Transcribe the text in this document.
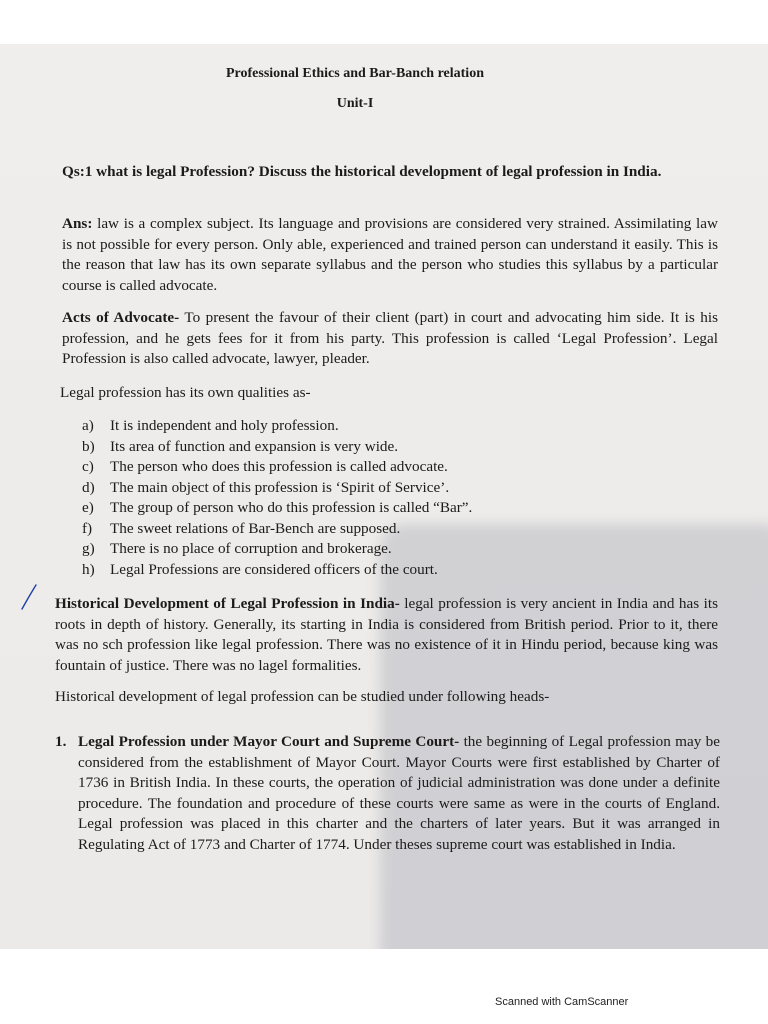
Professional Ethics and Bar-Banch relation
Unit-I

Qs:1 what is legal Profession? Discuss the historical development of legal profession in India.

Ans: law is a complex subject. Its language and provisions are considered very strained. Assimilating law is not possible for every person. Only able, experienced and trained person can understand it easily. This is the reason that law has its own separate syllabus and the person who studies this syllabus by a particular course is called advocate.

Acts of Advocate- To present the favour of their client (part) in court and advocating him side. It is his profession, and he gets fees for it from his party. This profession is called ‘Legal Profession’. Legal Profession is also called advocate, lawyer, pleader.

Legal profession has its own qualities as-

a)	It is independent and holy profession.
b)	Its area of function and expansion is very wide.
c)	The person who does this profession is called advocate.
d)	The main object of this profession is ‘Spirit of Service’.
e)	The group of person who do this profession is called “Bar”.
f)	The sweet relations of Bar-Bench are supposed.
g)	There is no place of corruption and brokerage.
h)	Legal Professions are considered officers of the court.

Historical Development of Legal Profession in India- legal profession is very ancient in India and has its roots in depth of history. Generally, its starting in India is considered from British period. Prior to it, there was no sch profession like legal profession. There was no existence of it in Hindu period, because king was fountain of justice. There was no lagel formalities.

Historical development of legal profession can be studied under following heads-

1. Legal Profession under Mayor Court and Supreme Court- the beginning of Legal profession may be considered from the establishment of Mayor Court. Mayor Courts were first established by Charter of 1736 in British India. In these courts, the operation of judicial administration was done under a definite procedure. The foundation and procedure of these courts were same as were in the courts of England. Legal profession was placed in this charter and the charters of later years. But it was arranged in Regulating Act of 1773 and Charter of 1774. Under theses supreme court was established in India.

Scanned with CamScanner
